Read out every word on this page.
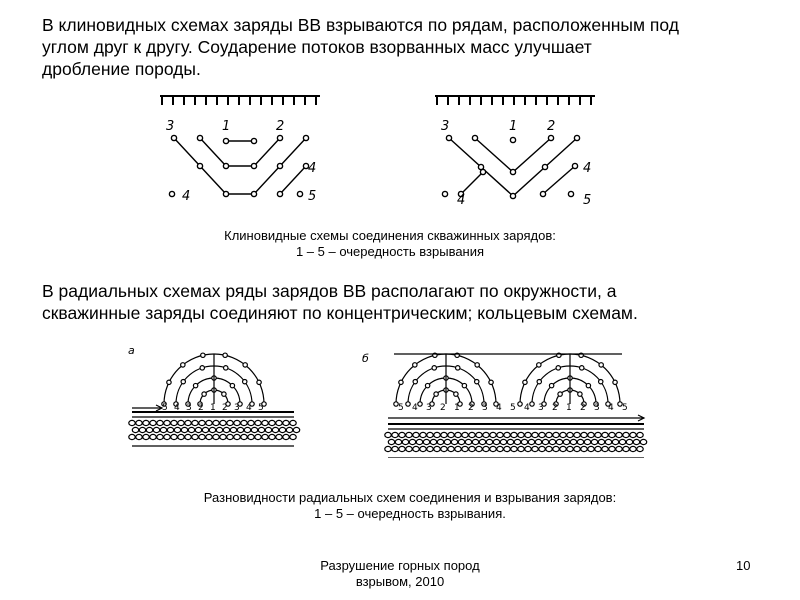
В клиновидных схемах заряды ВВ взрываются по рядам, расположенным под
углом друг к другу. Соударение потоков взорванных масс улучшает
дробление породы.
3	1	2
4
4	5
3	1 2
4
4	5
Клиновидные схемы соединения скважинных зарядов:
1 – 5 – очередность взрывания
В радиальных схемах ряды зарядов ВВ располагают по окружности, а
скважинные заряды соединяют по концентрическим; кольцевым схемам.
а
5 4 3 2 1 2 3 4 5
б
5 4 3 2 1 2 3 4 5 4 3 2 1 2 3 4 5
Разновидности радиальных схем соединения и взрывания зарядов:
1 – 5 – очередность взрывания.
Разрушение горных пород
взрывом, 2010
10
